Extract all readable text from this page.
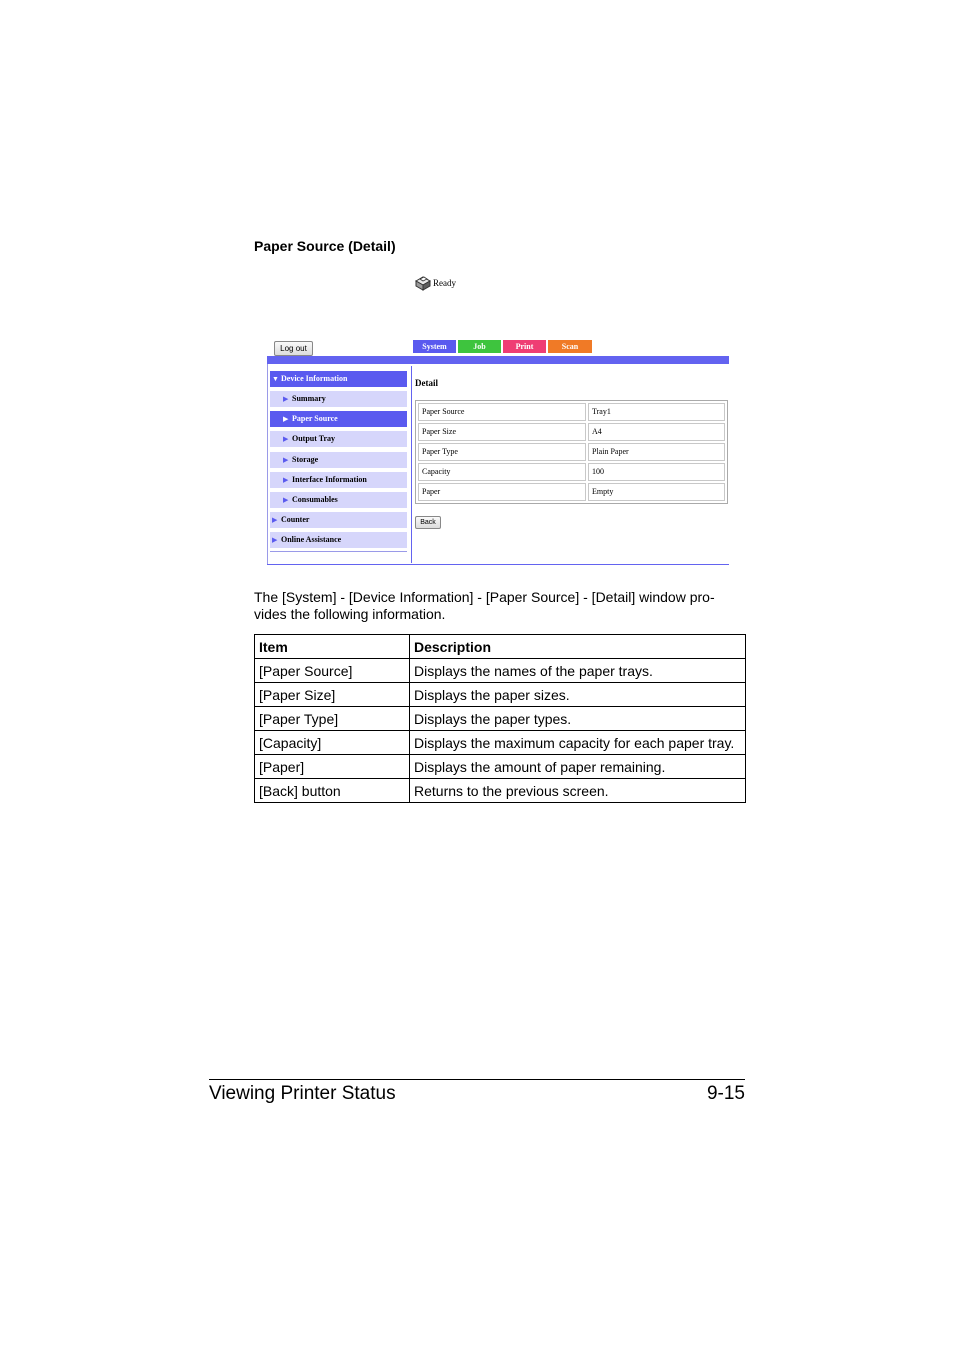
Paper Source (Detail)
Ready
Log out	System	Job	Print	Scan
▼ Device Information
▶ Summary
▶ Paper Source
▶ Output Tray
▶ Storage
▶ Interface Information
▶ Consumables
▶ Counter
▶ Online Assistance
Detail
Paper Source	Tray1
Paper Size	A4
Paper Type	Plain Paper
Capacity	100
Paper	Empty
Back
The [System] - [Device Information] - [Paper Source] - [Detail] window pro-vides the following information.
Item	Description
[Paper Source]	Displays the names of the paper trays.
[Paper Size]	Displays the paper sizes.
[Paper Type]	Displays the paper types.
[Capacity]	Displays the maximum capacity for each paper tray.
[Paper]	Displays the amount of paper remaining.
[Back] button	Returns to the previous screen.
Viewing Printer Status	9-15
